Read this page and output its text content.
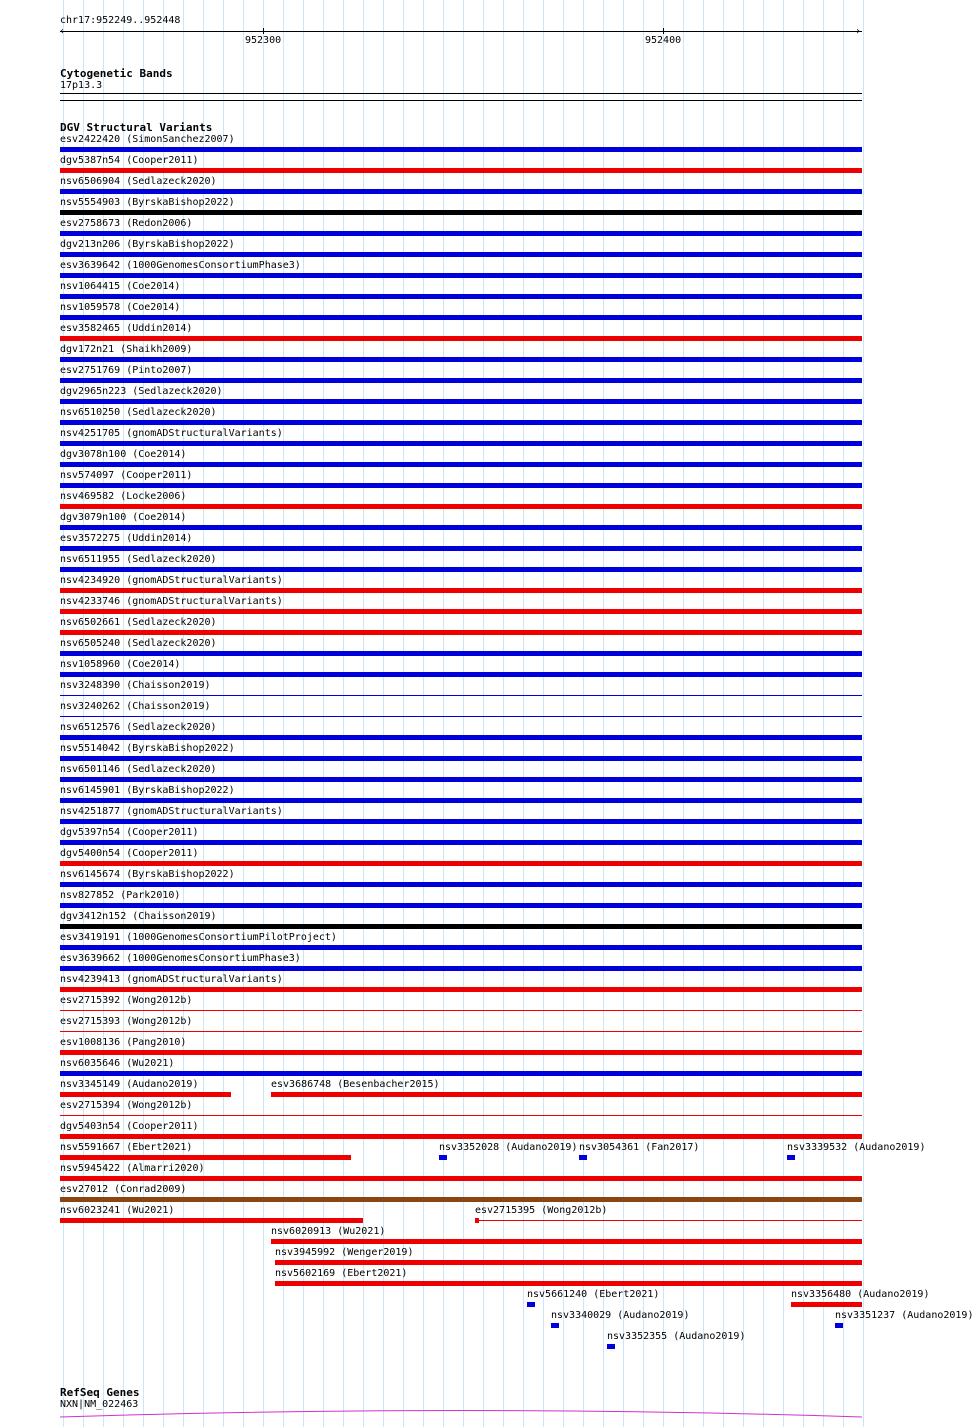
chr17:952249..952448
‹	›
952300	952400
Cytogenetic Bands
17p13.3
DGV Structural Variants
esv2422420 (SimonSanchez2007)
dgv5387n54 (Cooper2011)
nsv6506904 (Sedlazeck2020)
nsv5554903 (ByrskaBishop2022)
esv2758673 (Redon2006)
dgv213n206 (ByrskaBishop2022)
esv3639642 (1000GenomesConsortiumPhase3)
nsv1064415 (Coe2014)
nsv1059578 (Coe2014)
esv3582465 (Uddin2014)
dgv172n21 (Shaikh2009)
esv2751769 (Pinto2007)
dgv2965n223 (Sedlazeck2020)
nsv6510250 (Sedlazeck2020)
nsv4251705 (gnomADStructuralVariants)
dgv3078n100 (Coe2014)
nsv574097 (Cooper2011)
nsv469582 (Locke2006)
dgv3079n100 (Coe2014)
esv3572275 (Uddin2014)
nsv6511955 (Sedlazeck2020)
nsv4234920 (gnomADStructuralVariants)
nsv4233746 (gnomADStructuralVariants)
nsv6502661 (Sedlazeck2020)
nsv6505240 (Sedlazeck2020)
nsv1058960 (Coe2014)
nsv3248390 (Chaisson2019)
nsv3240262 (Chaisson2019)
nsv6512576 (Sedlazeck2020)
nsv5514042 (ByrskaBishop2022)
nsv6501146 (Sedlazeck2020)
nsv6145901 (ByrskaBishop2022)
nsv4251877 (gnomADStructuralVariants)
dgv5397n54 (Cooper2011)
dgv5400n54 (Cooper2011)
nsv6145674 (ByrskaBishop2022)
nsv827852 (Park2010)
dgv3412n152 (Chaisson2019)
esv3419191 (1000GenomesConsortiumPilotProject)
esv3639662 (1000GenomesConsortiumPhase3)
nsv4239413 (gnomADStructuralVariants)
esv2715392 (Wong2012b)
esv2715393 (Wong2012b)
esv1008136 (Pang2010)
nsv6035646 (Wu2021)
nsv3345149 (Audano2019)	esv3686748 (Besenbacher2015)
esv2715394 (Wong2012b)
dgv5403n54 (Cooper2011)
nsv5591667 (Ebert2021)	nsv3352028 (Audano2019) nsv3054361 (Fan2017)	nsv3339532 (Audano2019)
nsv5945422 (Almarri2020)
esv27012 (Conrad2009)
nsv6023241 (Wu2021)	esv2715395 (Wong2012b)
nsv6020913 (Wu2021)
nsv3945992 (Wenger2019)
nsv5602169 (Ebert2021)
nsv5661240 (Ebert2021)	nsv3356480 (Audano2019)
nsv3340029 (Audano2019)	nsv3351237 (Audano2019)
nsv3352355 (Audano2019)
RefSeq Genes
NXN|NM_022463
